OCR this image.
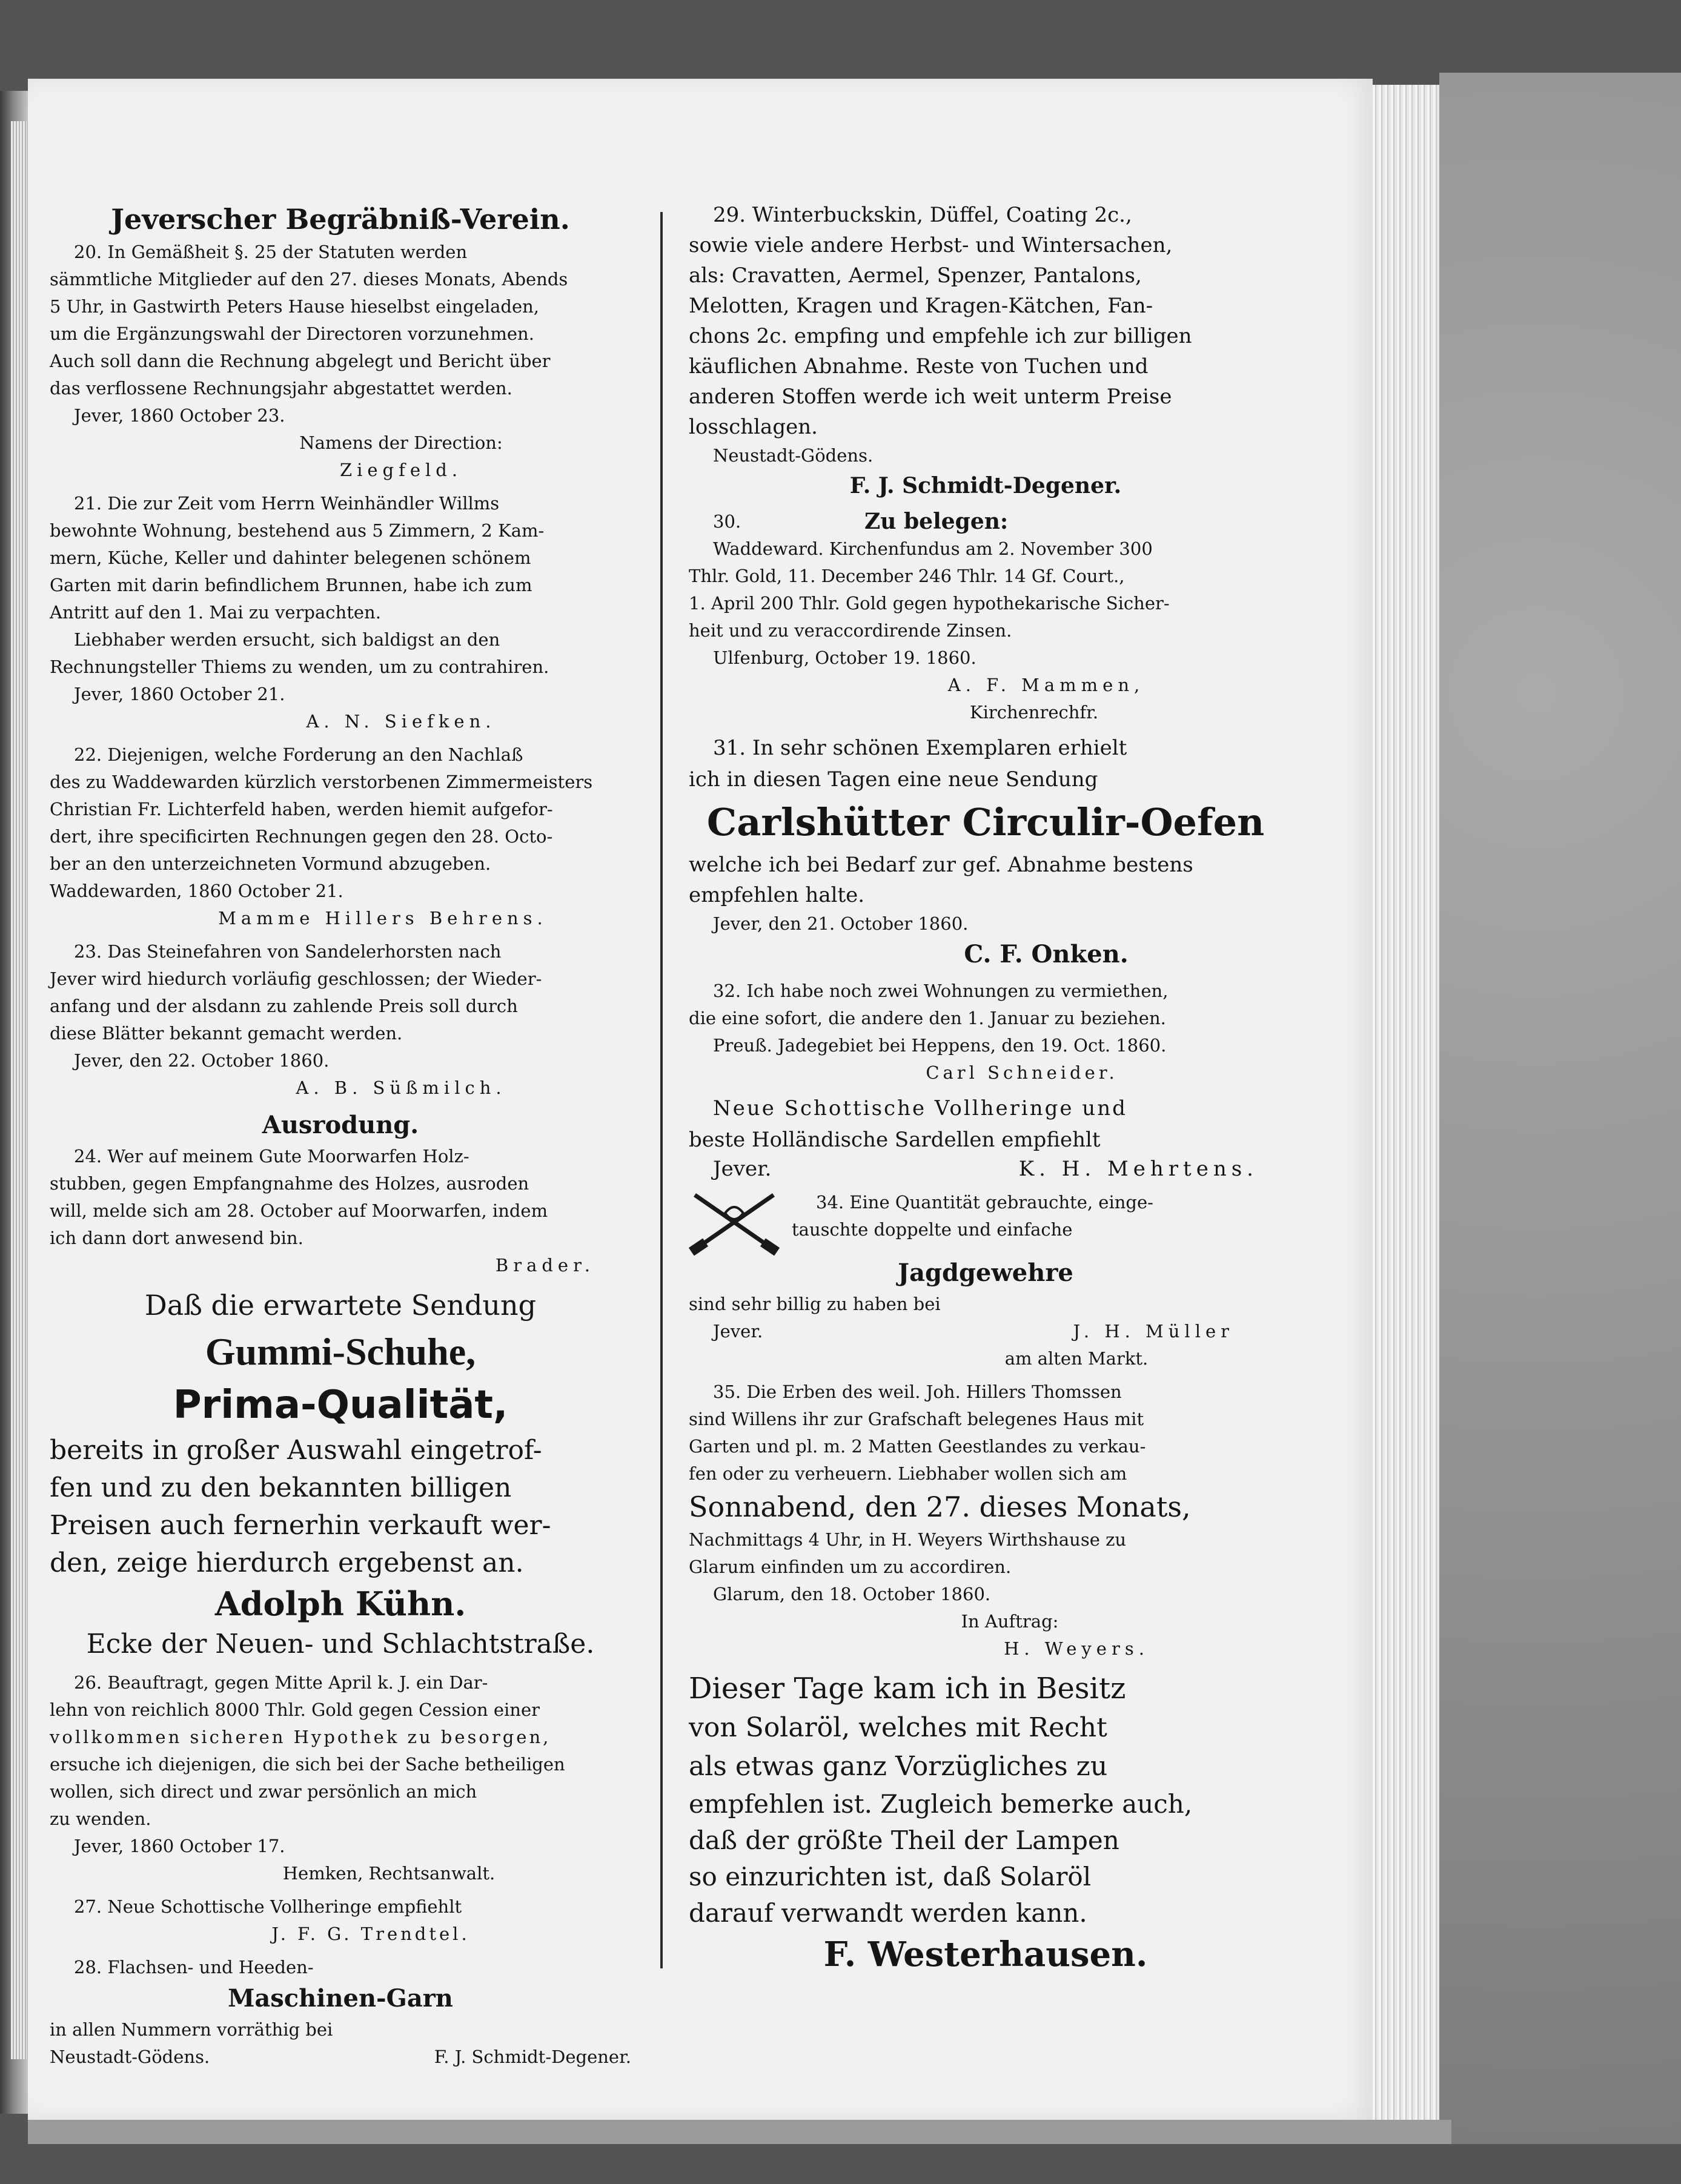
Jeverscher Begräbniß-Verein.

20. In Gemäßheit §. 25 der Statuten werden

sämmtliche Mitglieder auf den 27. dieses Monats, Abends

5 Uhr, in Gastwirth Peters Hause hieselbst eingeladen,

um die Ergänzungswahl der Directoren vorzunehmen.

Auch soll dann die Rechnung abgelegt und Bericht über

das verflossene Rechnungsjahr abgestattet werden.

Jever, 1860 October 23.

Namens der Direction:

Ziegfeld.

21. Die zur Zeit vom Herrn Weinhändler Willms

bewohnte Wohnung, bestehend aus 5 Zimmern, 2 Kam-

mern, Küche, Keller und dahinter belegenen schönem

Garten mit darin befindlichem Brunnen, habe ich zum

Antritt auf den 1. Mai zu verpachten.

Liebhaber werden ersucht, sich baldigst an den

Rechnungsteller Thiems zu wenden, um zu contrahiren.

Jever, 1860 October 21.

A. N. Siefken.

22. Diejenigen, welche Forderung an den Nachlaß

des zu Waddewarden kürzlich verstorbenen Zimmermeisters

Christian Fr. Lichterfeld haben, werden hiemit aufgefor-

dert, ihre specificirten Rechnungen gegen den 28. Octo-

ber an den unterzeichneten Vormund abzugeben.

Waddewarden, 1860 October 21.

Mamme Hillers Behrens.

23. Das Steinefahren von Sandelerhorsten nach

Jever wird hiedurch vorläufig geschlossen; der Wieder-

anfang und der alsdann zu zahlende Preis soll durch

diese Blätter bekannt gemacht werden.

Jever, den 22. October 1860.

A. B. Süßmilch.

Ausrodung.

24. Wer auf meinem Gute Moorwarfen Holz-

stubben, gegen Empfangnahme des Holzes, ausroden

will, melde sich am 28. October auf Moorwarfen, indem

ich dann dort anwesend bin.

Brader.

Daß die erwartete Sendung

Gummi-Schuhe,

Prima-Qualität,

bereits in großer Auswahl eingetrof-

fen und zu den bekannten billigen

Preisen auch fernerhin verkauft wer-

den, zeige hierdurch ergebenst an.

Adolph Kühn.

Ecke der Neuen- und Schlachtstraße.

26. Beauftragt, gegen Mitte April k. J. ein Dar-

lehn von reichlich 8000 Thlr. Gold gegen Cession einer

vollkommen sicheren Hypothek zu besorgen,

ersuche ich diejenigen, die sich bei der Sache betheiligen

wollen, sich direct und zwar persönlich an mich

zu wenden.

Jever, 1860 October 17.

Hemken, Rechtsanwalt.

27. Neue Schottische Vollheringe empfiehlt

J. F. G. Trendtel.

28. Flachsen- und Heeden-

Maschinen-Garn

in allen Nummern vorräthig bei

Neustadt-Gödens.	F. J. Schmidt-Degener.

29. Winterbuckskin, Düffel, Coating 2c.,

sowie viele andere Herbst- und Wintersachen,

als: Cravatten, Aermel, Spenzer, Pantalons,

Melotten, Kragen und Kragen-Kätchen, Fan-

chons 2c. empfing und empfehle ich zur billigen

käuflichen Abnahme. Reste von Tuchen und

anderen Stoffen werde ich weit unterm Preise

losschlagen.

Neustadt-Gödens.

F. J. Schmidt-Degener.

30.	Zu belegen:

Waddeward. Kirchenfundus am 2. November 300

Thlr. Gold, 11. December 246 Thlr. 14 Gf. Court.,

1. April 200 Thlr. Gold gegen hypothekarische Sicher-

heit und zu veraccordirende Zinsen.

Ulfenburg, October 19. 1860.

A. F. Mammen,

Kirchenrechfr.

31. In sehr schönen Exemplaren erhielt

ich in diesen Tagen eine neue Sendung

Carlshütter Circulir-Oefen

welche ich bei Bedarf zur gef. Abnahme bestens

empfehlen halte.

Jever, den 21. October 1860.

C. F. Onken.

32. Ich habe noch zwei Wohnungen zu vermiethen,

die eine sofort, die andere den 1. Januar zu beziehen.

Preuß. Jadegebiet bei Heppens, den 19. Oct. 1860.

Carl Schneider.

Neue Schottische Vollheringe und

beste Holländische Sardellen empfiehlt

Jever.	K. H. Mehrtens.

34. Eine Quantität gebrauchte, einge-

tauschte doppelte und einfache

Jagdgewehre

sind sehr billig zu haben bei

Jever.	J. H. Müller

am alten Markt.

35. Die Erben des weil. Joh. Hillers Thomssen

sind Willens ihr zur Grafschaft belegenes Haus mit

Garten und pl. m. 2 Matten Geestlandes zu verkau-

fen oder zu verheuern. Liebhaber wollen sich am

Sonnabend, den 27. dieses Monats,

Nachmittags 4 Uhr, in H. Weyers Wirthshause zu

Glarum einfinden um zu accordiren.

Glarum, den 18. October 1860.

In Auftrag:

H. Weyers.

Dieser Tage kam ich in Besitz

von Solaröl, welches mit Recht

als etwas ganz Vorzügliches zu

empfehlen ist. Zugleich bemerke auch,

daß der größte Theil der Lampen

so einzurichten ist, daß Solaröl

darauf verwandt werden kann.

F. Westerhausen.
